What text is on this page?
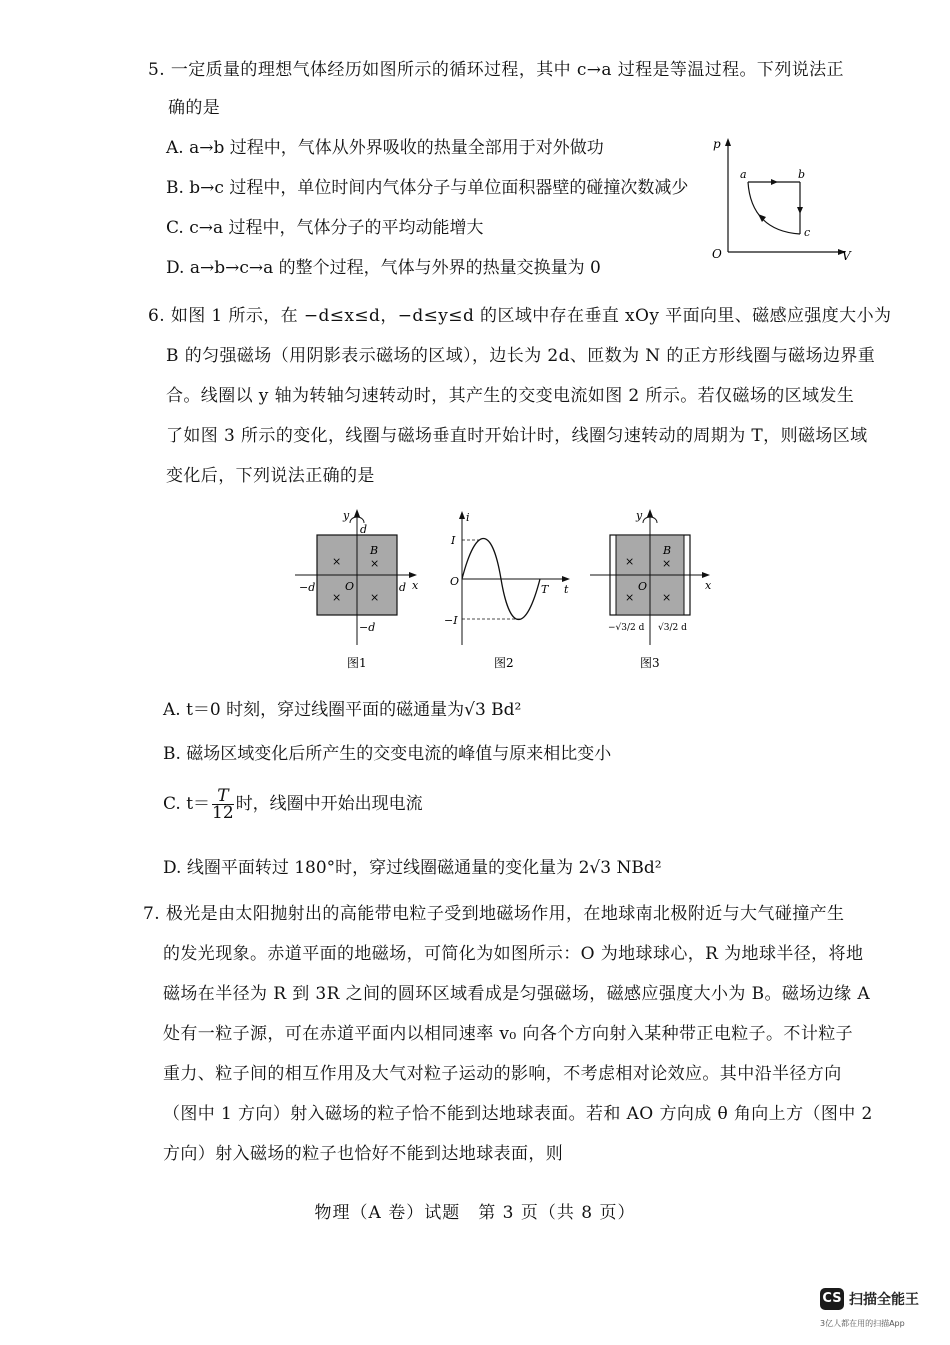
5. 一定质量的理想气体经历如图所示的循环过程，其中 c→a 过程是等温过程。下列说法正
确的是
A. a→b 过程中，气体从外界吸收的热量全部用于对外做功
B. b→c 过程中，单位时间内气体分子与单位面积器壁的碰撞次数减少
C. c→a 过程中，气体分子的平均动能增大
D. a→b→c→a 的整个过程，气体与外界的热量交换量为 0
p
V
O
a	b
c
6. 如图 1 所示，在 −d≤x≤d，−d≤y≤d 的区域中存在垂直 xOy 平面向里、磁感应强度大小为
B 的匀强磁场（用阴影表示磁场的区域），边长为 2d、匝数为 N 的正方形线圈与磁场边界重
合。线圈以 y 轴为转轴匀速转动时，其产生的交变电流如图 2 所示。若仅磁场的区域发生
了如图 3 所示的变化，线圈与磁场垂直时开始计时，线圈匀速转动的周期为 T，则磁场区域
变化后，下列说法正确的是
y
x
O
B
×	×
×	×
d
d
−d
−d
图1
i
t
O
I
−I
T
图2
y
x
O
B
×	×
×	×
−√3/2 d √3/2 d
图3
A. t＝0 时刻，穿过线圈平面的磁通量为√3 Bd²
B. 磁场区域变化后所产生的交变电流的峰值与原来相比变小
C. $t= \frac{T}{12}$ 时，线圈中开始出现电流
D. 线圈平面转过 180°时，穿过线圈磁通量的变化量为 2√3 NBd²
7. 极光是由太阳抛射出的高能带电粒子受到地磁场作用，在地球南北极附近与大气碰撞产生
的发光现象。赤道平面的地磁场，可简化为如图所示：O 为地球球心，R 为地球半径，将地
磁场在半径为 R 到 3R 之间的圆环区域看成是匀强磁场，磁感应强度大小为 B。磁场边缘 A
处有一粒子源，可在赤道平面内以相同速率 v₀ 向各个方向射入某种带正电粒子。不计粒子
重力、粒子间的相互作用及大气对粒子运动的影响，不考虑相对论效应。其中沿半径方向
（图中 1 方向）射入磁场的粒子恰不能到达地球表面。若和 AO 方向成 θ 角向上方（图中 2
方向）射入磁场的粒子也恰好不能到达地球表面，则
物理（A 卷）试题　第 3 页（共 8 页）
CS 扫描全能王
3亿人都在用的扫描App
